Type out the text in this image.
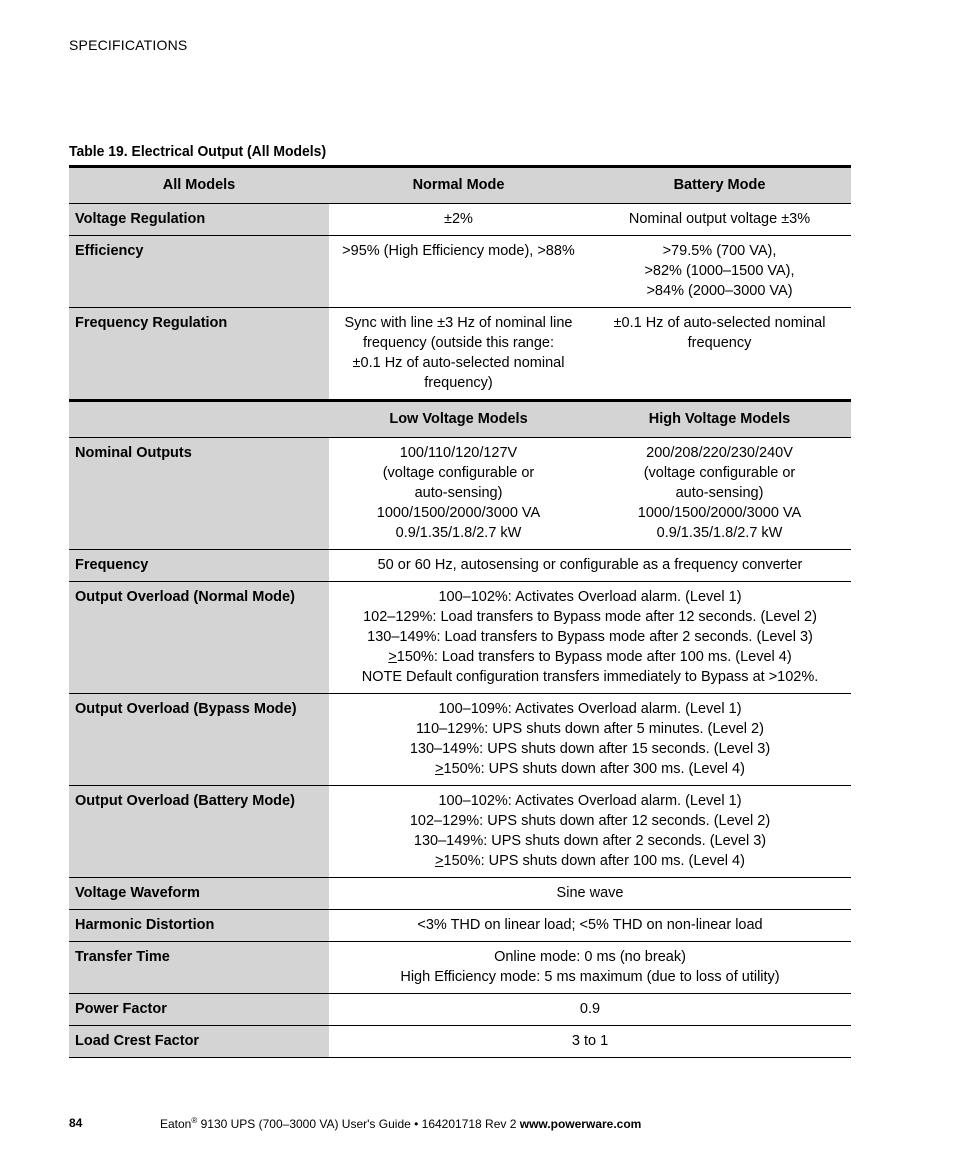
SPECIFICATIONS
Table 19. Electrical Output (All Models)
All Models	Normal Mode	Battery Mode
Voltage Regulation	±2%	Nominal output voltage ±3%

Efficiency	>95% (High Efficiency mode), >88%	>79.5% (700 VA),
>82% (1000–1500 VA),
>84% (2000–3000 VA)

Frequency Regulation	Sync with line ±3 Hz of nominal line
frequency (outside this range:
±0.1 Hz of auto-selected nominal
frequency)	±0.1 Hz of auto-selected nominal
frequency

	Low Voltage Models	High Voltage Models
Nominal Outputs	100/110/120/127V
(voltage configurable or
auto-sensing)
1000/1500/2000/3000 VA
0.9/1.35/1.8/2.7 kW	200/208/220/230/240V
(voltage configurable or
auto-sensing)
1000/1500/2000/3000 VA
0.9/1.35/1.8/2.7 kW

Frequency	50 or 60 Hz, autosensing or configurable as a frequency converter	
Output Overload (Normal Mode)	100–102%: Activates Overload alarm. (Level 1)
102–129%: Load transfers to Bypass mode after 12 seconds. (Level 2)
130–149%: Load transfers to Bypass mode after 2 seconds. (Level 3)
≥150%: Load transfers to Bypass mode after 100 ms. (Level 4)
NOTE Default configuration transfers immediately to Bypass at >102%.	

Output Overload (Bypass Mode)	100–109%: Activates Overload alarm. (Level 1)
110–129%: UPS shuts down after 5 minutes. (Level 2)
130–149%: UPS shuts down after 15 seconds. (Level 3)
≥150%: UPS shuts down after 300 ms. (Level 4)	

Output Overload (Battery Mode)	100–102%: Activates Overload alarm. (Level 1)
102–129%: UPS shuts down after 12 seconds. (Level 2)
130–149%: UPS shuts down after 2 seconds. (Level 3)
≥150%: UPS shuts down after 100 ms. (Level 4)	

Voltage Waveform	Sine wave	
Harmonic Distortion	<3% THD on linear load; <5% THD on non-linear load	
Transfer Time	Online mode: 0 ms (no break)
High Efficiency mode: 5 ms maximum (due to loss of utility)	

Power Factor	0.9	
Load Crest Factor	3 to 1	
84	Eaton® 9130 UPS (700–3000 VA) User's Guide • 164201718 Rev 2 www.powerware.com
